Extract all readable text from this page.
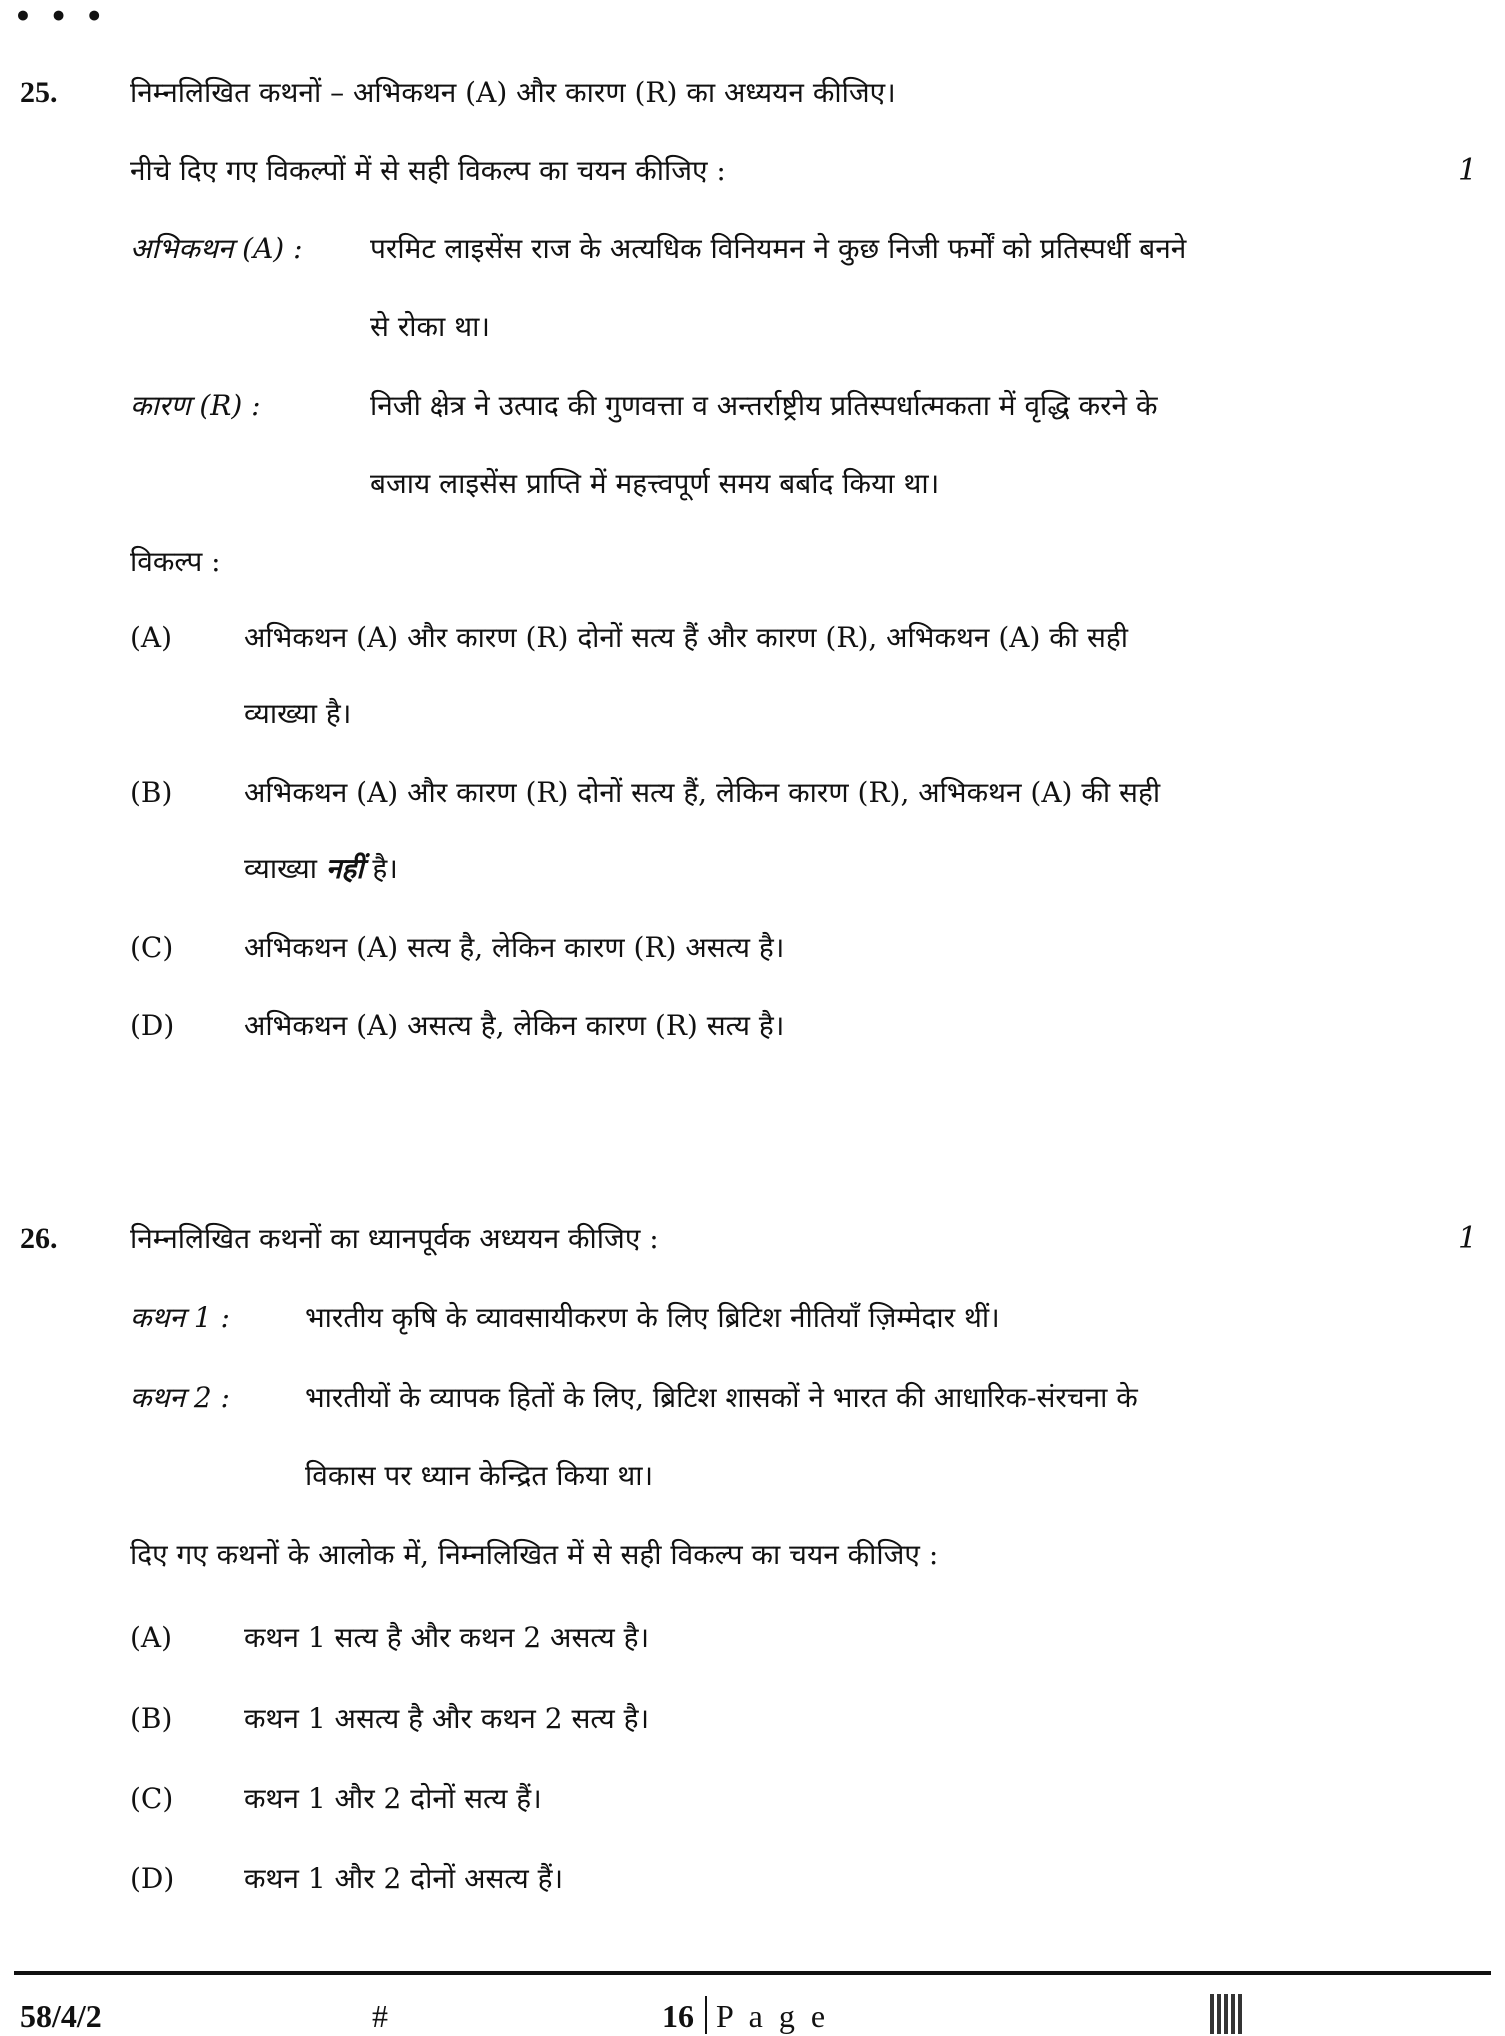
• • •
25.	निम्नलिखित कथनों – अभिकथन (A) और कारण (R) का अध्ययन कीजिए।
नीचे दिए गए विकल्पों में से सही विकल्प का चयन कीजिए :	1
अभिकथन (A) : परमिट लाइसेंस राज के अत्यधिक विनियमन ने कुछ निजी फर्मों को प्रतिस्पर्धी बनने
से रोका था।
कारण (R) :	निजी क्षेत्र ने उत्पाद की गुणवत्ता व अन्तर्राष्ट्रीय प्रतिस्पर्धात्मकता में वृद्धि करने के
बजाय लाइसेंस प्राप्ति में महत्त्वपूर्ण समय बर्बाद किया था।
विकल्प :
(A)	अभिकथन (A) और कारण (R) दोनों सत्य हैं और कारण (R), अभिकथन (A) की सही
व्याख्या है।
(B)	अभिकथन (A) और कारण (R) दोनों सत्य हैं, लेकिन कारण (R), अभिकथन (A) की सही
व्याख्या नहीं है।
(C)	अभिकथन (A) सत्य है, लेकिन कारण (R) असत्य है।
(D) अभिकथन (A) असत्य है, लेकिन कारण (R) सत्य है।
26.	निम्नलिखित कथनों का ध्यानपूर्वक अध्ययन कीजिए :	1
कथन 1 :	भारतीय कृषि के व्यावसायीकरण के लिए ब्रिटिश नीतियाँ ज़िम्मेदार थीं।
कथन 2 :	भारतीयों के व्यापक हितों के लिए, ब्रिटिश शासकों ने भारत की आधारिक-संरचना के
विकास पर ध्यान केन्द्रित किया था।
दिए गए कथनों के आलोक में, निम्नलिखित में से सही विकल्प का चयन कीजिए :
(A)	कथन 1 सत्य है और कथन 2 असत्य है।
(B)	कथन 1 असत्य है और कथन 2 सत्य है।
(C)	कथन 1 और 2 दोनों सत्य हैं।
(D) कथन 1 और 2 दोनों असत्य हैं।
58/4/2	#	16 P a g e
